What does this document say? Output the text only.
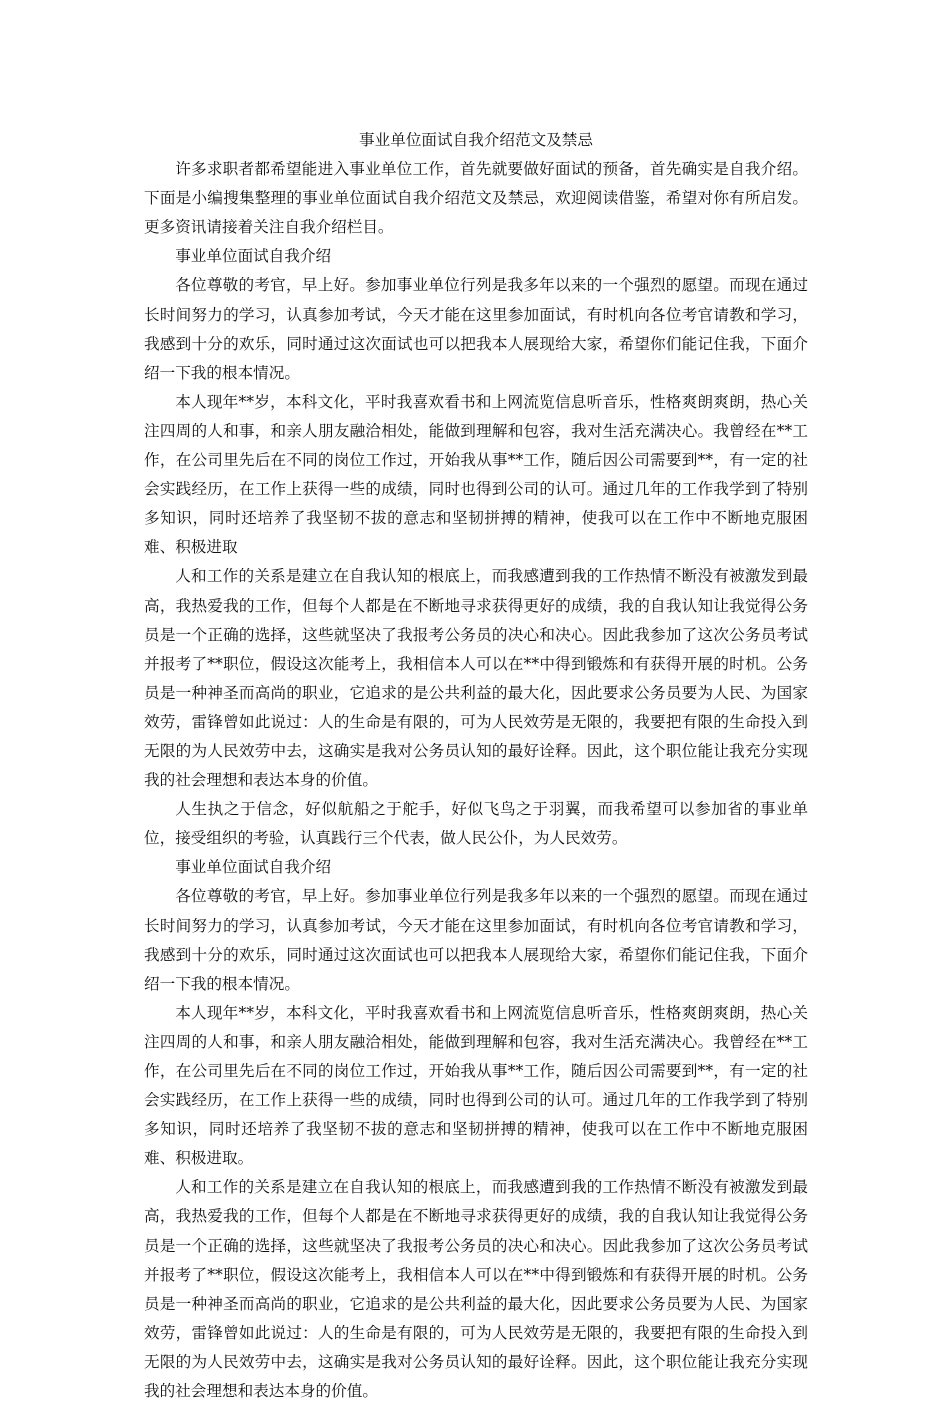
事业单位面试自我介绍范文及禁忌

许多求职者都希望能进入事业单位工作，首先就要做好面试的预备，首先确实是自我介绍。下面是小编搜集整理的事业单位面试自我介绍范文及禁忌，欢迎阅读借鉴，希望对你有所启发。更多资讯请接着关注自我介绍栏目。

事业单位面试自我介绍

各位尊敬的考官，早上好。参加事业单位行列是我多年以来的一个强烈的愿望。而现在通过长时间努力的学习，认真参加考试，今天才能在这里参加面试，有时机向各位考官请教和学习，我感到十分的欢乐，同时通过这次面试也可以把我本人展现给大家，希望你们能记住我，下面介绍一下我的根本情况。

本人现年**岁，本科文化，平时我喜欢看书和上网流览信息听音乐，性格爽朗爽朗，热心关注四周的人和事，和亲人朋友融洽相处，能做到理解和包容，我对生活充满决心。我曾经在**工作，在公司里先后在不同的岗位工作过，开始我从事**工作，随后因公司需要到**，有一定的社会实践经历，在工作上获得一些的成绩，同时也得到公司的认可。通过几年的工作我学到了特别多知识，同时还培养了我坚韧不拔的意志和坚韧拼搏的精神，使我可以在工作中不断地克服困难、积极进取

人和工作的关系是建立在自我认知的根底上，而我感遭到我的工作热情不断没有被激发到最高，我热爱我的工作，但每个人都是在不断地寻求获得更好的成绩，我的自我认知让我觉得公务员是一个正确的选择，这些就坚决了我报考公务员的决心和决心。因此我参加了这次公务员考试并报考了**职位，假设这次能考上，我相信本人可以在**中得到锻炼和有获得开展的时机。公务员是一种神圣而高尚的职业，它追求的是公共利益的最大化，因此要求公务员要为人民、为国家效劳，雷锋曾如此说过：人的生命是有限的，可为人民效劳是无限的，我要把有限的生命投入到无限的为人民效劳中去，这确实是我对公务员认知的最好诠释。因此，这个职位能让我充分实现我的社会理想和表达本身的价值。

人生执之于信念，好似航船之于舵手，好似飞鸟之于羽翼，而我希望可以参加省的事业单位，接受组织的考验，认真践行三个代表，做人民公仆，为人民效劳。

事业单位面试自我介绍

各位尊敬的考官，早上好。参加事业单位行列是我多年以来的一个强烈的愿望。而现在通过长时间努力的学习，认真参加考试，今天才能在这里参加面试，有时机向各位考官请教和学习，我感到十分的欢乐，同时通过这次面试也可以把我本人展现给大家，希望你们能记住我，下面介绍一下我的根本情况。

本人现年**岁，本科文化，平时我喜欢看书和上网流览信息听音乐，性格爽朗爽朗，热心关注四周的人和事，和亲人朋友融洽相处，能做到理解和包容，我对生活充满决心。我曾经在**工作，在公司里先后在不同的岗位工作过，开始我从事**工作，随后因公司需要到**，有一定的社会实践经历，在工作上获得一些的成绩，同时也得到公司的认可。通过几年的工作我学到了特别多知识，同时还培养了我坚韧不拔的意志和坚韧拼搏的精神，使我可以在工作中不断地克服困难、积极进取。

人和工作的关系是建立在自我认知的根底上，而我感遭到我的工作热情不断没有被激发到最高，我热爱我的工作，但每个人都是在不断地寻求获得更好的成绩，我的自我认知让我觉得公务员是一个正确的选择，这些就坚决了我报考公务员的决心和决心。因此我参加了这次公务员考试并报考了**职位，假设这次能考上，我相信本人可以在**中得到锻炼和有获得开展的时机。公务员是一种神圣而高尚的职业，它追求的是公共利益的最大化，因此要求公务员要为人民、为国家效劳，雷锋曾如此说过：人的生命是有限的，可为人民效劳是无限的，我要把有限的生命投入到无限的为人民效劳中去，这确实是我对公务员认知的最好诠释。因此，这个职位能让我充分实现我的社会理想和表达本身的价值。
